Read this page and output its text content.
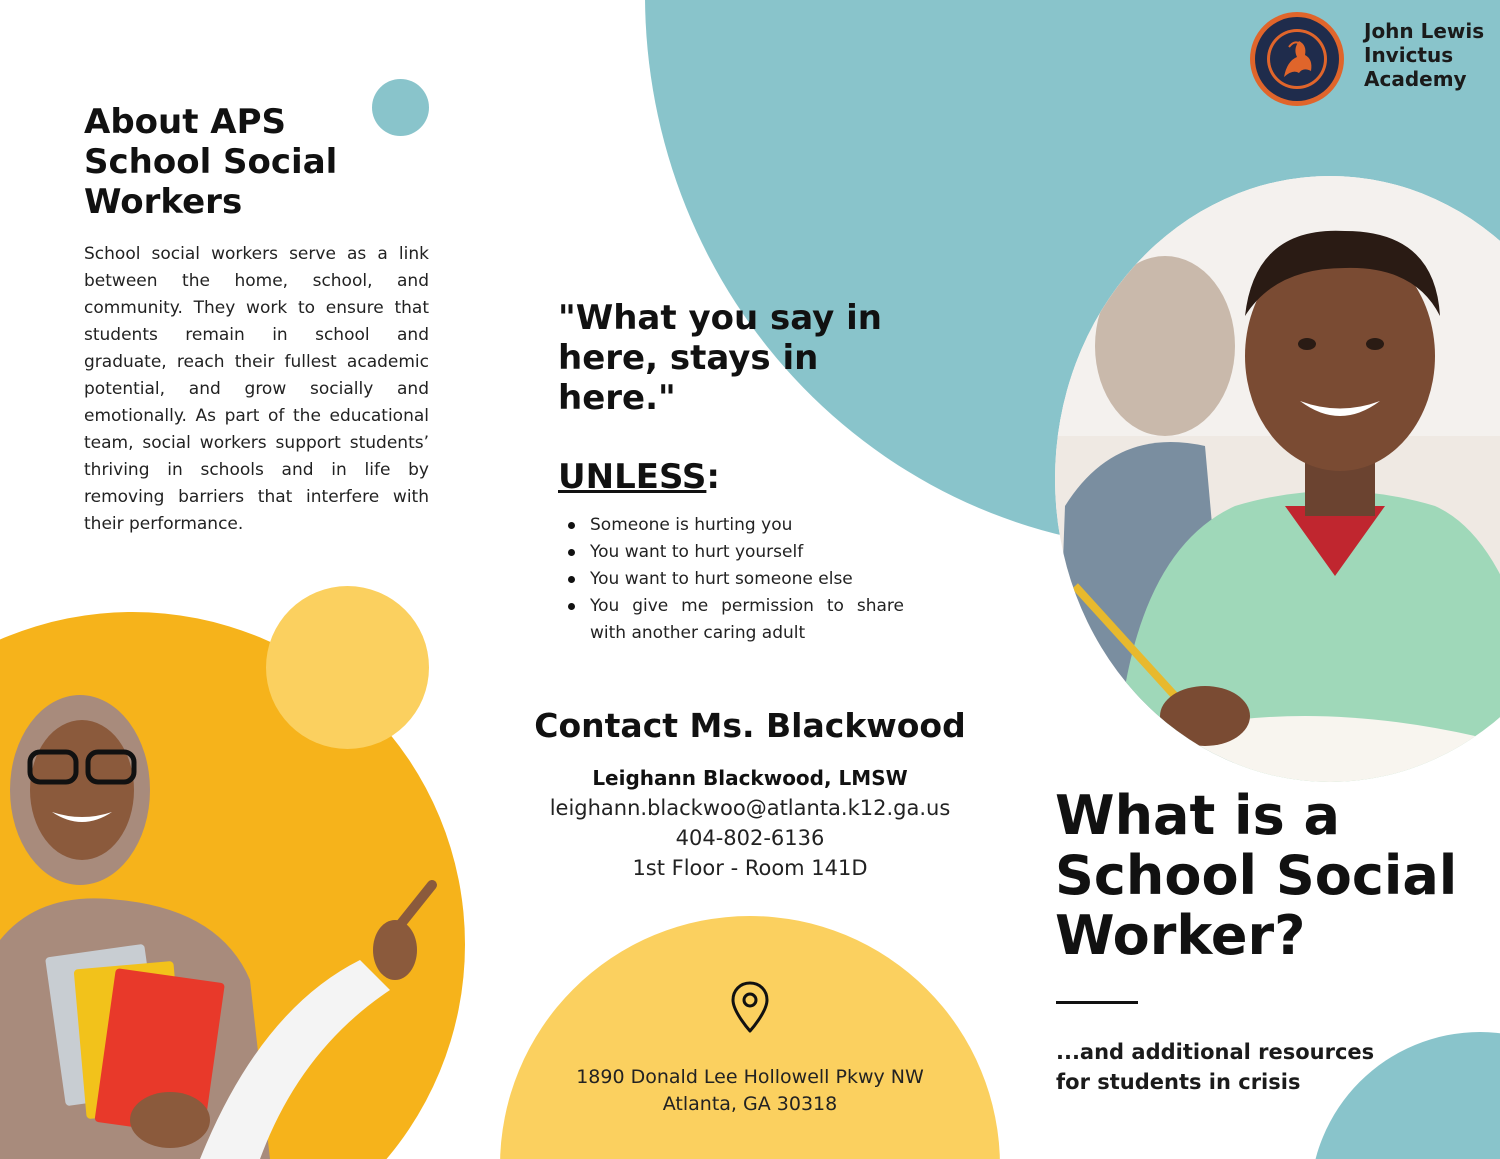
About APS School Social Workers

School social workers serve as a link between the home, school, and community. They work to ensure that students remain in school and graduate, reach their fullest academic potential, and grow socially and emotionally. As part of the educational team, social workers support students’ thriving in schools and in life by removing barriers that interfere with their performance.

"What you say in here, stays in here."
UNLESS:
Someone is hurting you
You want to hurt yourself
You want to hurt someone else
You give me permission to share with another caring adult
Contact Ms. Blackwood
Leighann Blackwood, LMSW
leighann.blackwoo@atlanta.k12.ga.us
404-802-6136
1st Floor - Room 141D
1890 Donald Lee Hollowell Pkwy NW
Atlanta, GA 30318
John Lewis Invictus Academy
What is a School Social Worker?
...and additional resources for students in crisis
